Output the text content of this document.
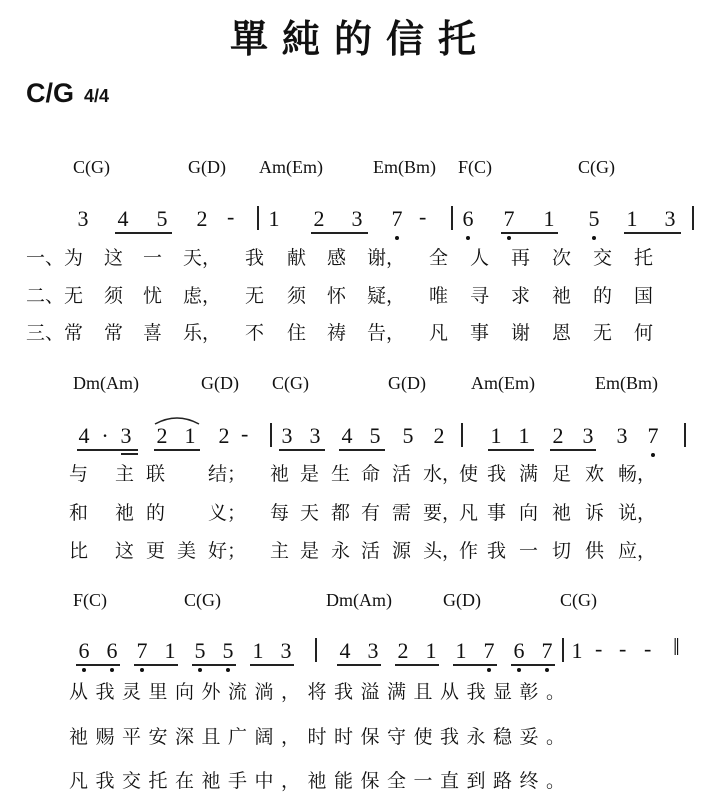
單純的信托
C/G 4/4
C(G)	G(D) Am(Em)	Em(Bm) F(C)	C(G)
3 4 5 2 - 1 2 3 7 - 6 7 1 5 1 3
一、为 这 一 天， 我 献 感 谢， 全 人 再 次 交 托
二、无 须 忧 虑， 无 须 怀 疑， 唯 寻 求 祂 的 国
三、常 常 喜 乐， 不 住 祷 告， 凡 事 谢 恩 无 何
Dm(Am)	G(D) C(G)	G(D)	Am(Em)	Em(Bm)
4 · 3 2 1 2 - 3 3 4 5 5 2 1 1 2 3 3 7
与 主 联 结； 祂 是 生 命 活 水，使 我 满 足 欢 畅，
和 祂 的 义； 每 天 都 有 需 要，凡 事 向 祂 诉 说，
比 这 更 美 好； 主 是 永 活 源 头，作 我 一 切 供 应，
F(C)	C(G)	Dm(Am)	G(D)	C(G)
6 6 7 1 5 5 1 3 4 3 2 1 1 7 6 7 1 - - - ‖
从我灵里向外流淌，将我溢满且从我显彰。
祂赐平安深且广阔，时时保守使我永稳妥。
凡我交托在祂手中，祂能保全一直到路终。
